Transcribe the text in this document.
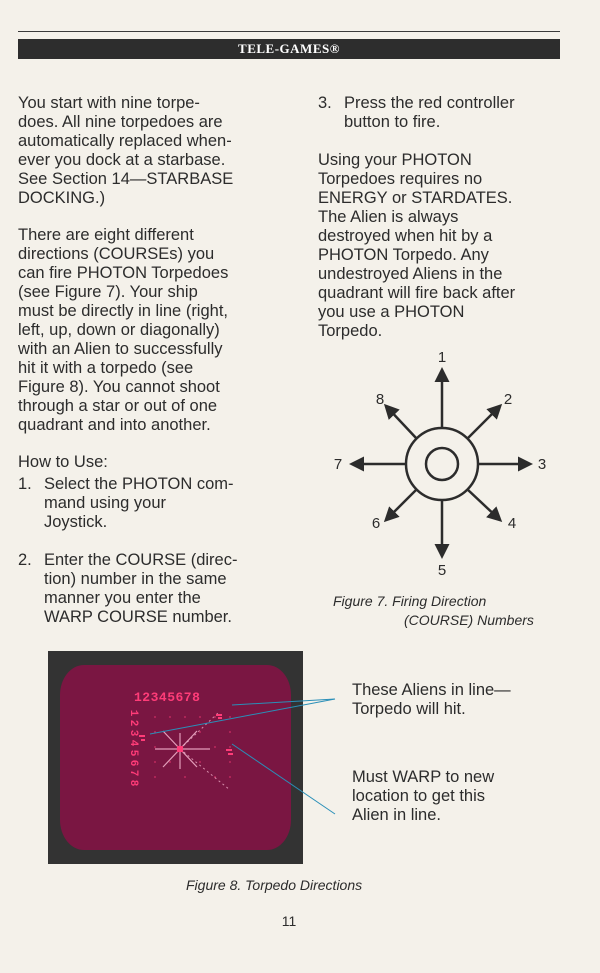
TELE-GAMES®

You start with nine torpe-
does. All nine torpedoes are
automatically replaced when-
ever you dock at a starbase.
See Section 14—STARBASE
DOCKING.)

There are eight different
directions (COURSEs) you
can fire PHOTON Torpedoes
(see Figure 7). Your ship
must be directly in line (right,
left, up, down or diagonally)
with an Alien to successfully
hit it with a torpedo (see
Figure 8). You cannot shoot
through a star or out of one
quadrant and into another.

How to Use:

1. Select the PHOTON com-
mand using your
Joystick.
2. Enter the COURSE (direc-
tion) number in the same
manner you enter the
WARP COURSE number.
3. Press the red controller
button to fire.

Using your PHOTON
Torpedoes requires no
ENERGY or STARDATES.
The Alien is always
destroyed when hit by a
PHOTON Torpedo. Any
undestroyed Aliens in the
quadrant will fire back after
you use a PHOTON
Torpedo.

1
2
3
4
5
6
7
8
Figure 7. Firing Direction
(COURSE) Numbers
12345678
1
2
3
4
5
6
7
8
These Aliens in line—
Torpedo will hit.
Must WARP to new
location to get this
Alien in line.
Figure 8. Torpedo Directions
11
